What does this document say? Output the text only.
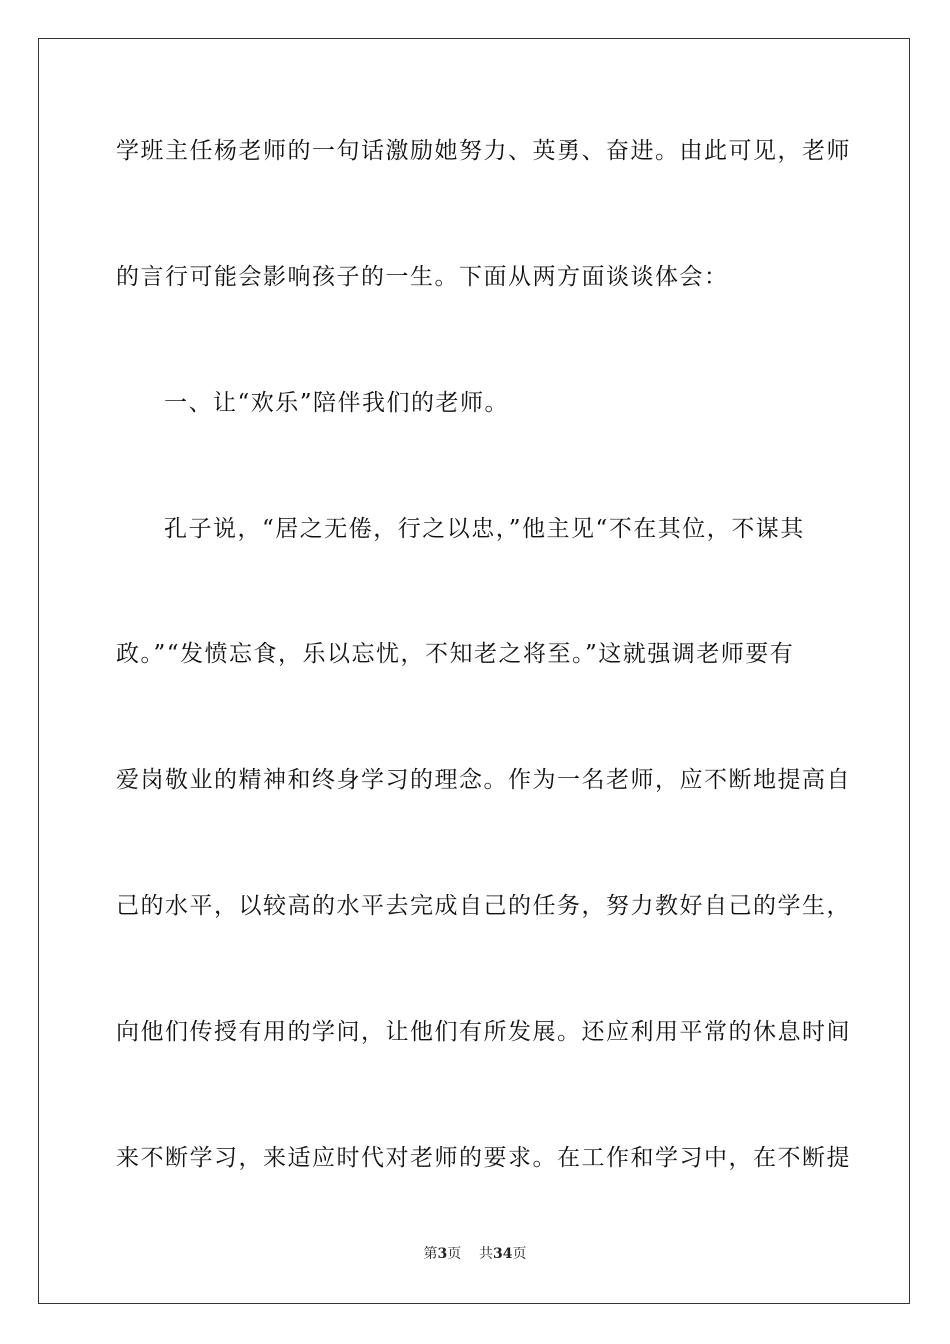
学班主任杨老师的一句话激励她努力、英勇、奋进。由此可见，老师
的言行可能会影响孩子的一生。下面从两方面谈谈体会：
一、让“欢乐”陪伴我们的老师。
孔子说，“居之无倦，行之以忠，”他主见“不在其位，不谋其
政。”“发愤忘食，乐以忘忧，不知老之将至。”这就强调老师要有
爱岗敬业的精神和终身学习的理念。作为一名老师，应不断地提高自
己的水平，以较高的水平去完成自己的任务，努力教好自己的学生，
向他们传授有用的学问，让他们有所发展。还应利用平常的休息时间
来不断学习，来适应时代对老师的要求。在工作和学习中，在不断提
第3页 共34页
